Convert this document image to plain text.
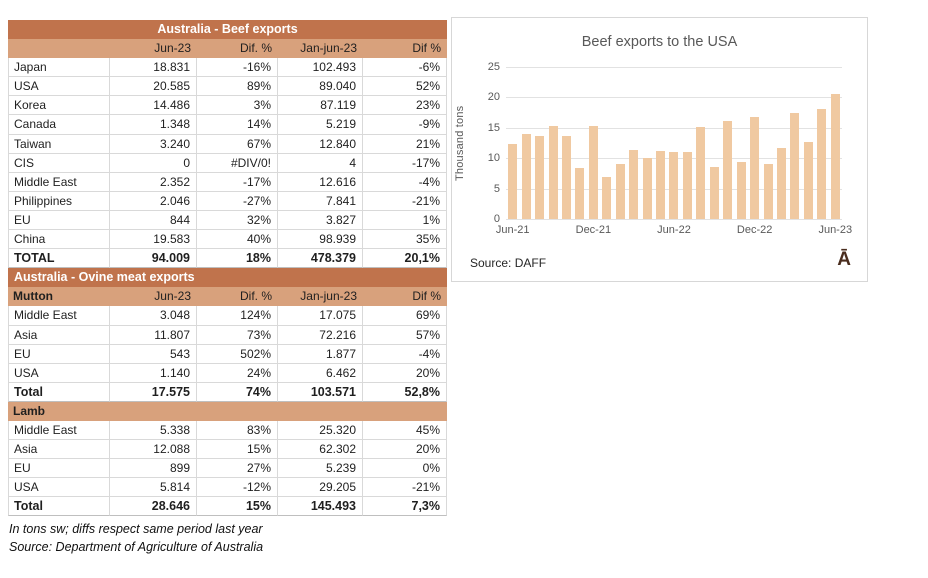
Australia - Beef exports
Jun-23	Dif. %	Jan-jun-23	Dif %
Japan	18.831	-16%	102.493	-6%
USA	20.585	89%	89.040	52%
Korea	14.486	3%	87.119	23%
Canada	1.348	14%	5.219	-9%
Taiwan	3.240	67%	12.840	21%
CIS	0	#DIV/0!	4	-17%
Middle East	2.352	-17%	12.616	-4%
Philippines	2.046	-27%	7.841	-21%
EU	844	32%	3.827	1%
China	19.583	40%	98.939	35%
TOTAL	94.009	18%	478.379	20,1%
Australia - Ovine meat exports
Mutton	Jun-23	Dif. %	Jan-jun-23	Dif %
Middle East	3.048	124%	17.075	69%
Asia	11.807	73%	72.216	57%
EU	543	502%	1.877	-4%
USA	1.140	24%	6.462	20%
Total	17.575	74%	103.571	52,8%
Lamb
Middle East	5.338	83%	25.320	45%
Asia	12.088	15%	62.302	20%
EU	899	27%	5.239	0%
USA	5.814	-12%	29.205	-21%
Total	28.646	15%	145.493	7,3%
In tons sw; diffs respect same period last year
Source: Department of Agriculture of Australia
Beef exports to the USA
Thousand tons
Source: DAFF	Ā
0
5
10
15
20
25
Jun-21	Dec-21	Jun-22	Dec-22	Jun-23
